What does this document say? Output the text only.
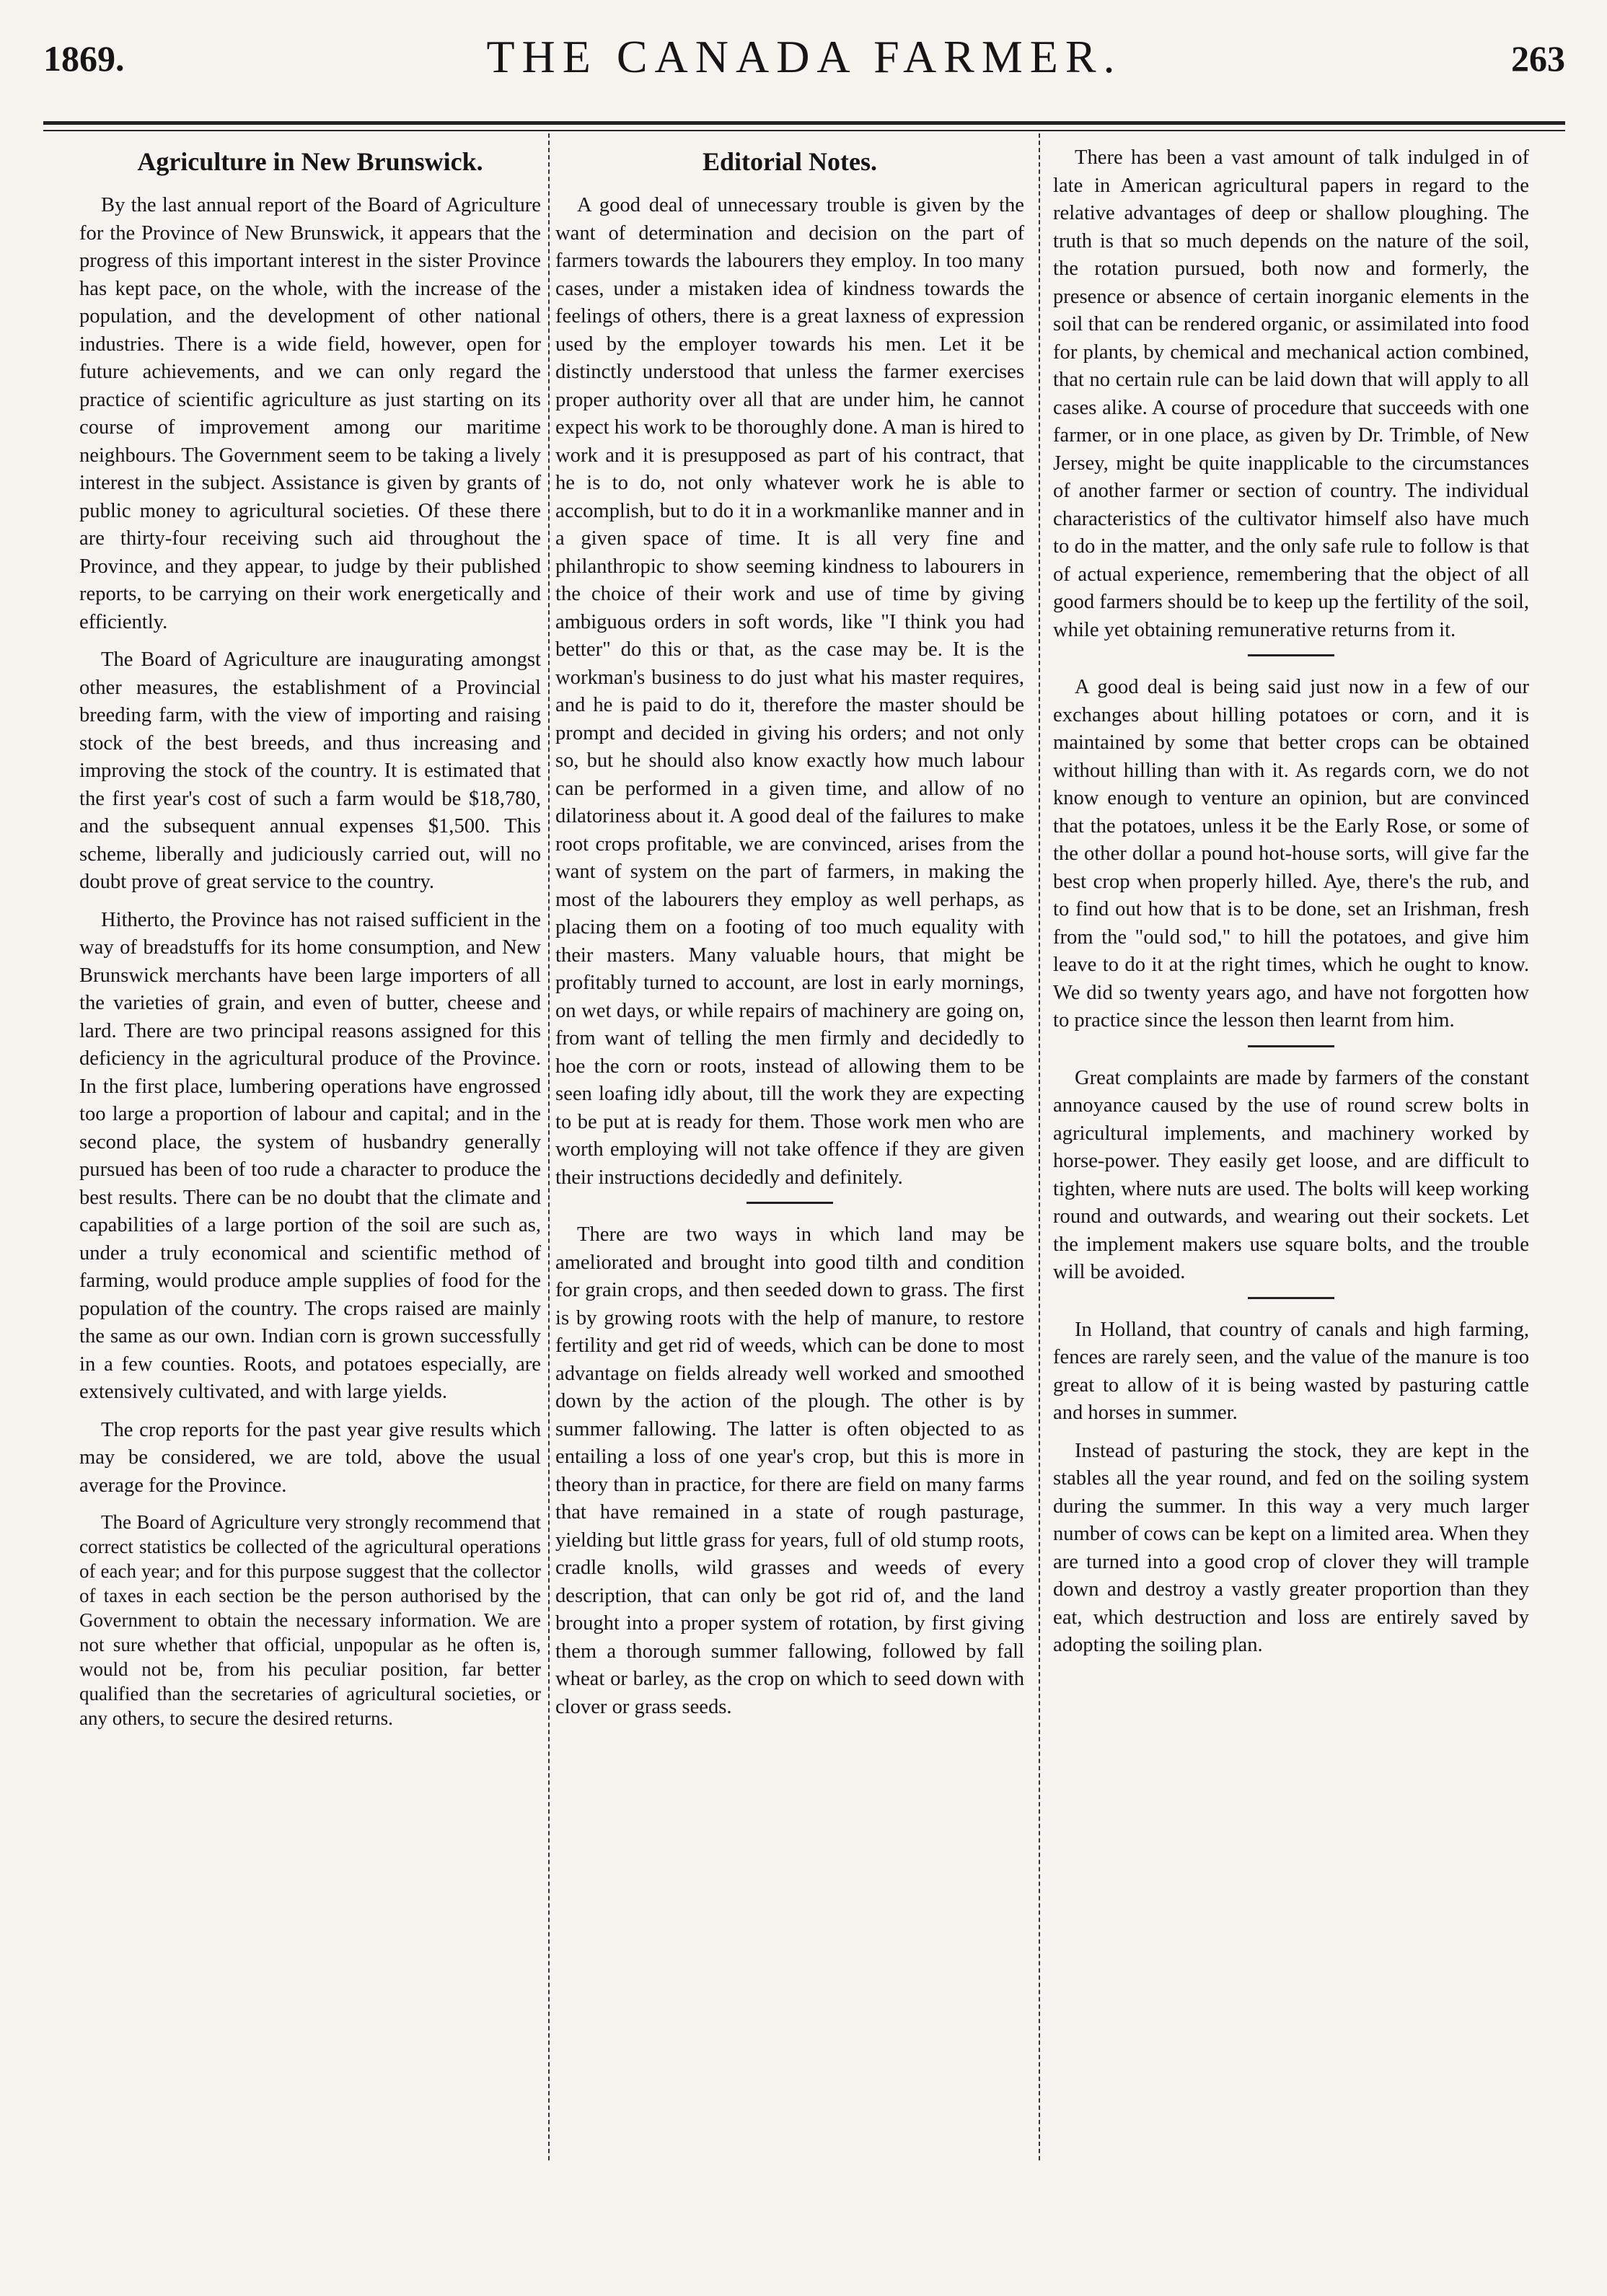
1869.	THE CANADA FARMER.	263
Agriculture in New Brunswick.

By the last annual report of the Board of Agriculture for the Province of New Brunswick, it appears that the progress of this important interest in the sister Province has kept pace, on the whole, with the increase of the population, and the development of other national industries. There is a wide field, however, open for future achievements, and we can only regard the practice of scientific agriculture as just starting on its course of improvement among our maritime neighbours. The Government seem to be taking a lively interest in the subject. Assistance is given by grants of public money to agricultural societies. Of these there are thirty-four receiving such aid throughout the Province, and they appear, to judge by their published reports, to be carrying on their work energetically and efficiently.

The Board of Agriculture are inaugurating amongst other measures, the establishment of a Provincial breeding farm, with the view of importing and raising stock of the best breeds, and thus increasing and improving the stock of the country. It is estimated that the first year's cost of such a farm would be $18,780, and the subsequent annual expenses $1,500. This scheme, liberally and judiciously carried out, will no doubt prove of great service to the country.

Hitherto, the Province has not raised sufficient in the way of breadstuffs for its home consumption, and New Brunswick merchants have been large importers of all the varieties of grain, and even of butter, cheese and lard. There are two principal reasons assigned for this deficiency in the agricultural produce of the Province. In the first place, lumbering operations have engrossed too large a proportion of labour and capital; and in the second place, the system of husbandry generally pursued has been of too rude a character to produce the best results. There can be no doubt that the climate and capabilities of a large portion of the soil are such as, under a truly economical and scientific method of farming, would produce ample supplies of food for the population of the country. The crops raised are mainly the same as our own. Indian corn is grown successfully in a few counties. Roots, and potatoes especially, are extensively cultivated, and with large yields.

The crop reports for the past year give results which may be considered, we are told, above the usual average for the Province.

The Board of Agriculture very strongly recommend that correct statistics be collected of the agricultural operations of each year; and for this purpose suggest that the collector of taxes in each section be the person authorised by the Government to obtain the necessary information. We are not sure whether that official, unpopular as he often is, would not be, from his peculiar position, far better qualified than the secretaries of agricultural societies, or any others, to secure the desired returns.

Editorial Notes.

A good deal of unnecessary trouble is given by the want of determination and decision on the part of farmers towards the labourers they employ. In too many cases, under a mistaken idea of kindness towards the feelings of others, there is a great laxness of expression used by the employer towards his men. Let it be distinctly understood that unless the farmer exercises proper authority over all that are under him, he cannot expect his work to be thoroughly done. A man is hired to work and it is presupposed as part of his contract, that he is to do, not only whatever work he is able to accomplish, but to do it in a workmanlike manner and in a given space of time. It is all very fine and philanthropic to show seeming kindness to labourers in the choice of their work and use of time by giving ambiguous orders in soft words, like "I think you had better" do this or that, as the case may be. It is the workman's business to do just what his master requires, and he is paid to do it, therefore the master should be prompt and decided in giving his orders; and not only so, but he should also know exactly how much labour can be performed in a given time, and allow of no dilatoriness about it. A good deal of the failures to make root crops profitable, we are convinced, arises from the want of system on the part of farmers, in making the most of the labourers they employ as well perhaps, as placing them on a footing of too much equality with their masters. Many valuable hours, that might be profitably turned to account, are lost in early mornings, on wet days, or while repairs of machinery are going on, from want of telling the men firmly and decidedly to hoe the corn or roots, instead of allowing them to be seen loafing idly about, till the work they are expecting to be put at is ready for them. Those work men who are worth employing will not take offence if they are given their instructions decidedly and definitely.

There are two ways in which land may be ameliorated and brought into good tilth and condition for grain crops, and then seeded down to grass. The first is by growing roots with the help of manure, to restore fertility and get rid of weeds, which can be done to most advantage on fields already well worked and smoothed down by the action of the plough. The other is by summer fallowing. The latter is often objected to as entailing a loss of one year's crop, but this is more in theory than in practice, for there are field on many farms that have remained in a state of rough pasturage, yielding but little grass for years, full of old stump roots, cradle knolls, wild grasses and weeds of every description, that can only be got rid of, and the land brought into a proper system of rotation, by first giving them a thorough summer fallowing, followed by fall wheat or barley, as the crop on which to seed down with clover or grass seeds.

There has been a vast amount of talk indulged in of late in American agricultural papers in regard to the relative advantages of deep or shallow ploughing. The truth is that so much depends on the nature of the soil, the rotation pursued, both now and formerly, the presence or absence of certain inorganic elements in the soil that can be rendered organic, or assimilated into food for plants, by chemical and mechanical action combined, that no certain rule can be laid down that will apply to all cases alike. A course of procedure that succeeds with one farmer, or in one place, as given by Dr. Trimble, of New Jersey, might be quite inapplicable to the circumstances of another farmer or section of country. The individual characteristics of the cultivator himself also have much to do in the matter, and the only safe rule to follow is that of actual experience, remembering that the object of all good farmers should be to keep up the fertility of the soil, while yet obtaining remunerative returns from it.

A good deal is being said just now in a few of our exchanges about hilling potatoes or corn, and it is maintained by some that better crops can be obtained without hilling than with it. As regards corn, we do not know enough to venture an opinion, but are convinced that the potatoes, unless it be the Early Rose, or some of the other dollar a pound hot-house sorts, will give far the best crop when properly hilled. Aye, there's the rub, and to find out how that is to be done, set an Irishman, fresh from the "ould sod," to hill the potatoes, and give him leave to do it at the right times, which he ought to know. We did so twenty years ago, and have not forgotten how to practice since the lesson then learnt from him.

Great complaints are made by farmers of the constant annoyance caused by the use of round screw bolts in agricultural implements, and machinery worked by horse-power. They easily get loose, and are difficult to tighten, where nuts are used. The bolts will keep working round and outwards, and wearing out their sockets. Let the implement makers use square bolts, and the trouble will be avoided.

In Holland, that country of canals and high farming, fences are rarely seen, and the value of the manure is too great to allow of it is being wasted by pasturing cattle and horses in summer.

Instead of pasturing the stock, they are kept in the stables all the year round, and fed on the soiling system during the summer. In this way a very much larger number of cows can be kept on a limited area. When they are turned into a good crop of clover they will trample down and destroy a vastly greater proportion than they eat, which destruction and loss are entirely saved by adopting the soiling plan.
